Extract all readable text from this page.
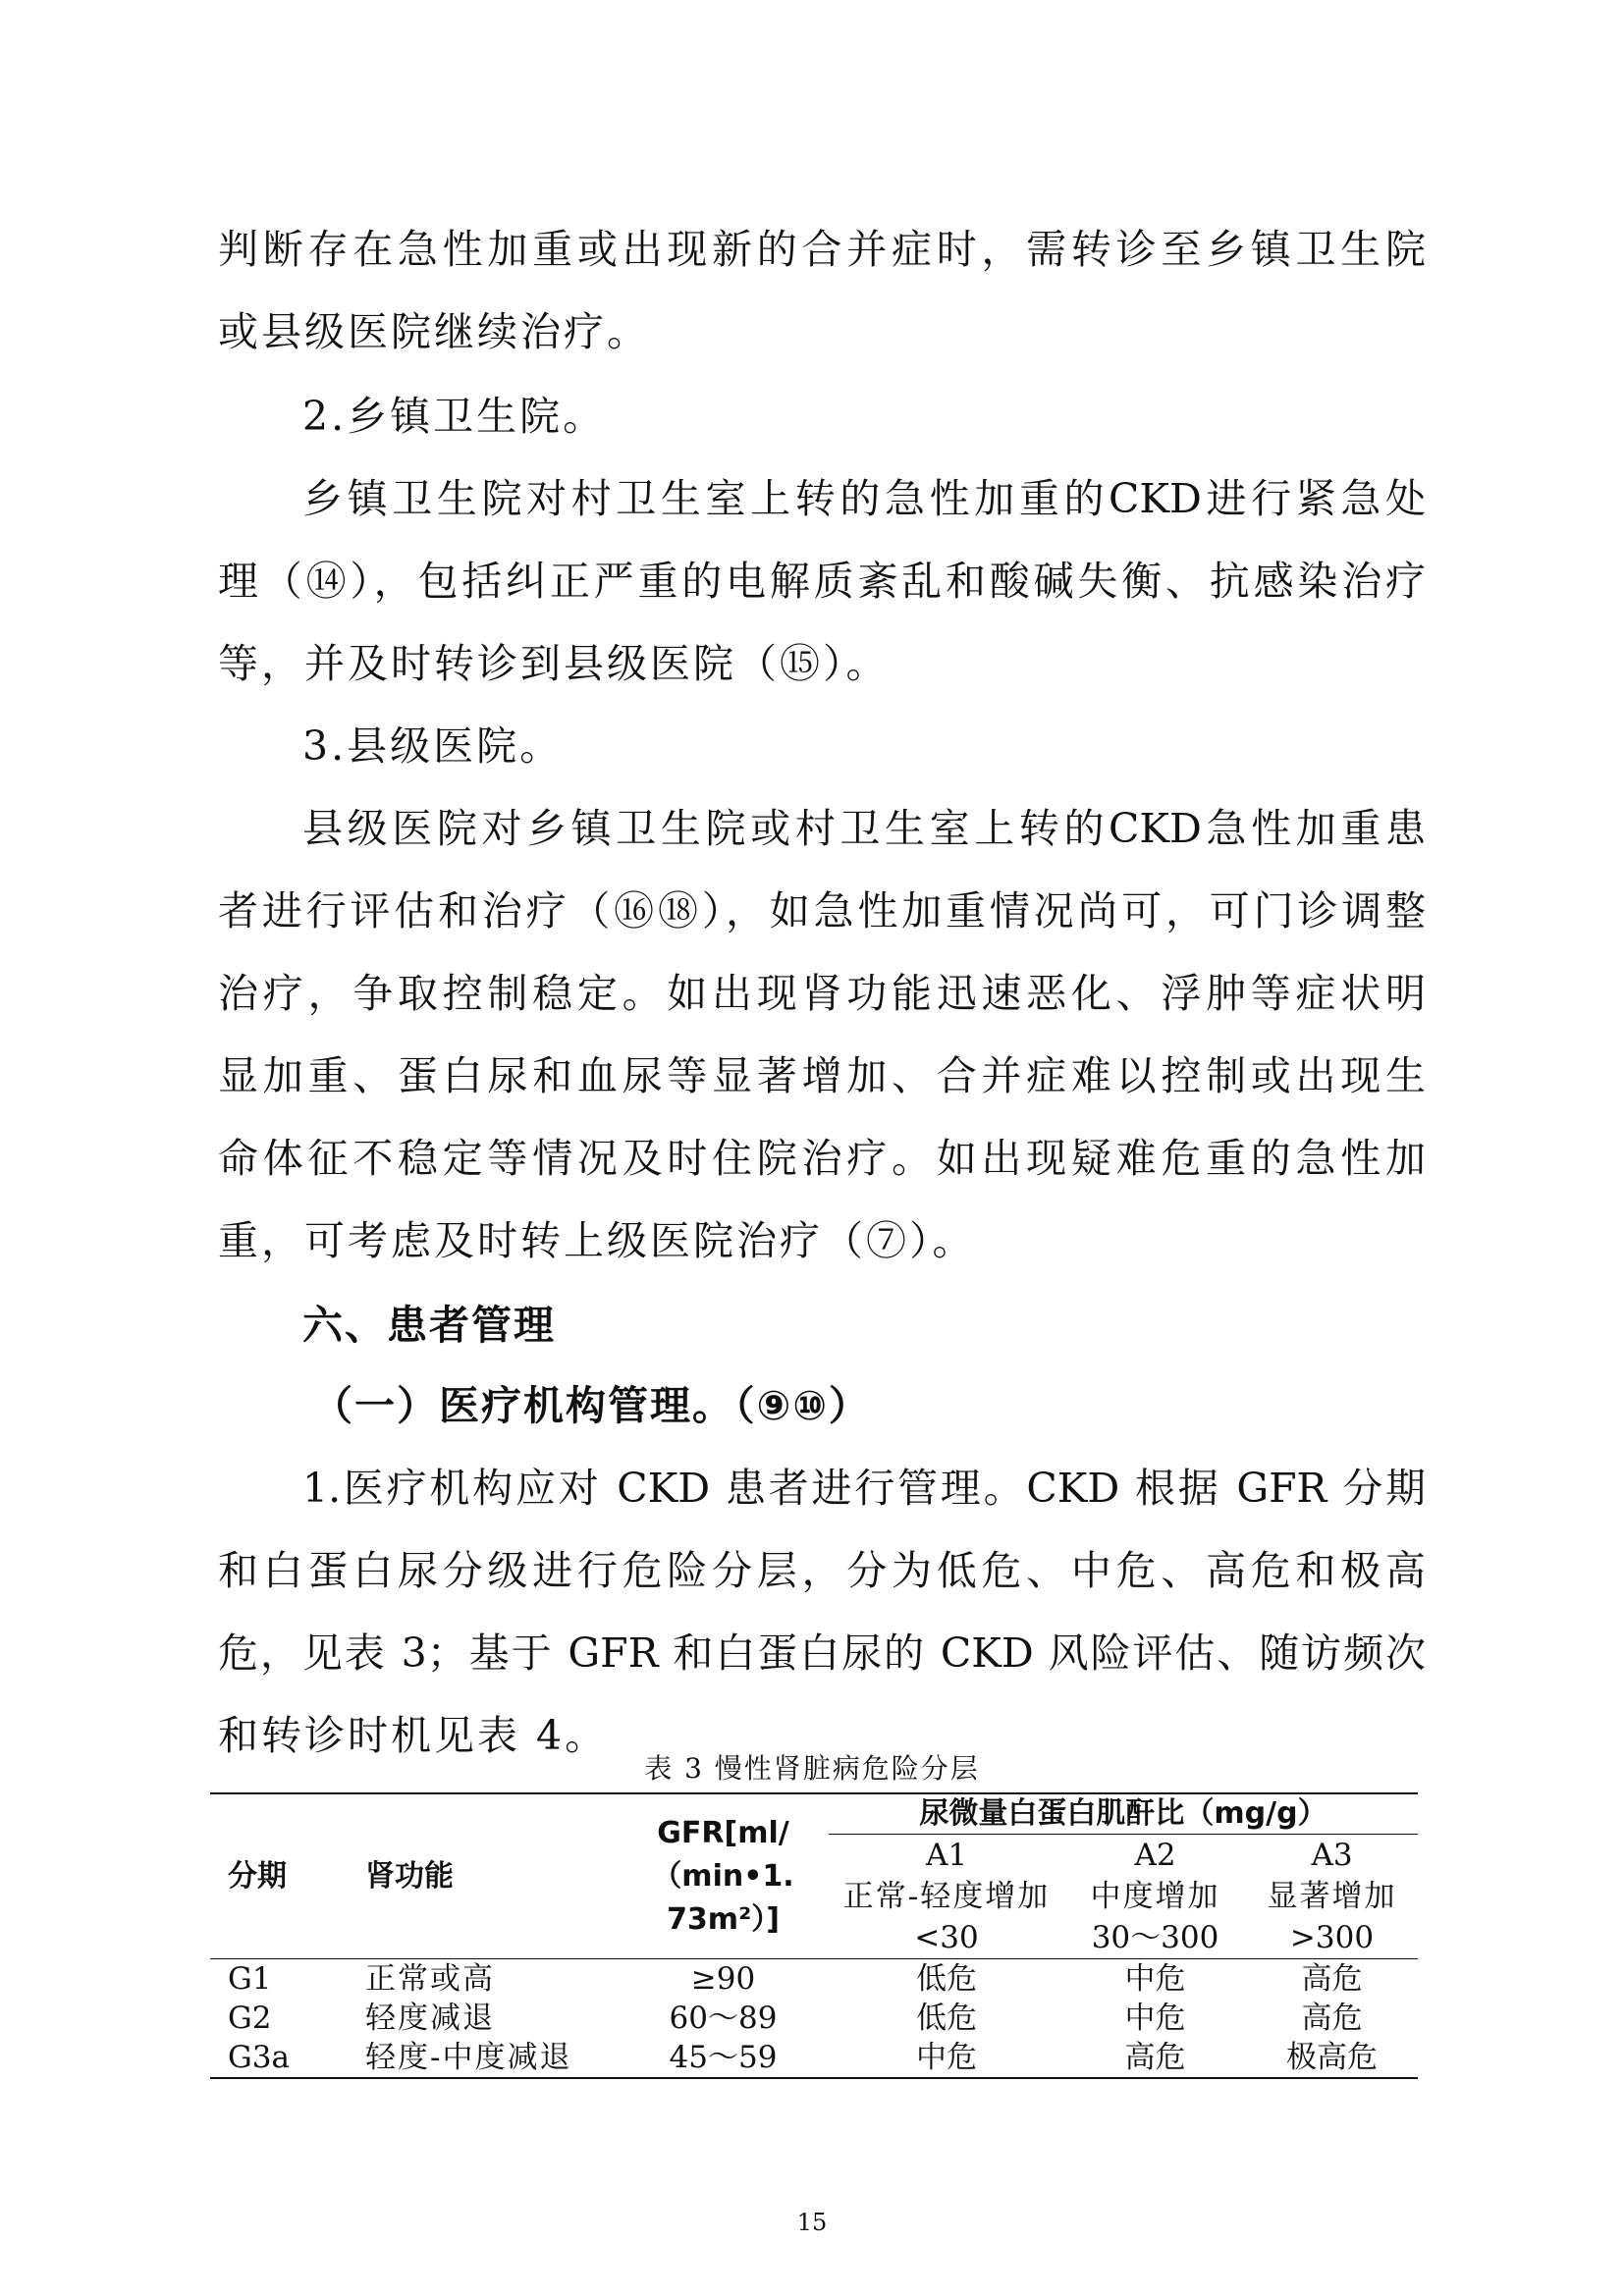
判断存在急性加重或出现新的合并症时，需转诊至乡镇卫生院
或县级医院继续治疗。
2.乡镇卫生院。
乡镇卫生院对村卫生室上转的急性加重的CKD进行紧急处
理（⑭），包括纠正严重的电解质紊乱和酸碱失衡、抗感染治疗
等，并及时转诊到县级医院（⑮）。
3.县级医院。
县级医院对乡镇卫生院或村卫生室上转的CKD急性加重患
者进行评估和治疗（⑯⑱），如急性加重情况尚可，可门诊调整
治疗，争取控制稳定。如出现肾功能迅速恶化、浮肿等症状明
显加重、蛋白尿和血尿等显著增加、合并症难以控制或出现生
命体征不稳定等情况及时住院治疗。如出现疑难危重的急性加
重，可考虑及时转上级医院治疗（⑦）。
六、患者管理
（一）医疗机构管理。（⑨⑩）
1.医疗机构应对 CKD 患者进行管理。CKD 根据 GFR 分期
和白蛋白尿分级进行危险分层，分为低危、中危、高危和极高
危，见表 3；基于 GFR 和白蛋白尿的 CKD 风险评估、随访频次
和转诊时机见表 4。
表 3 慢性肾脏病危险分层
分期	肾功能	GFR[ml/
（min•1.
73m²）]	尿微量白蛋白肌酐比（mg/g）		
			A1	A2	A3
			正常-轻度增加	中度增加	显著增加
			<30	30～300	>300
G1	正常或高	≥90	低危	中危	高危
G2	轻度减退	60～89	低危	中危	高危
G3a	轻度-中度减退	45～59	中危	高危	极高危
15
